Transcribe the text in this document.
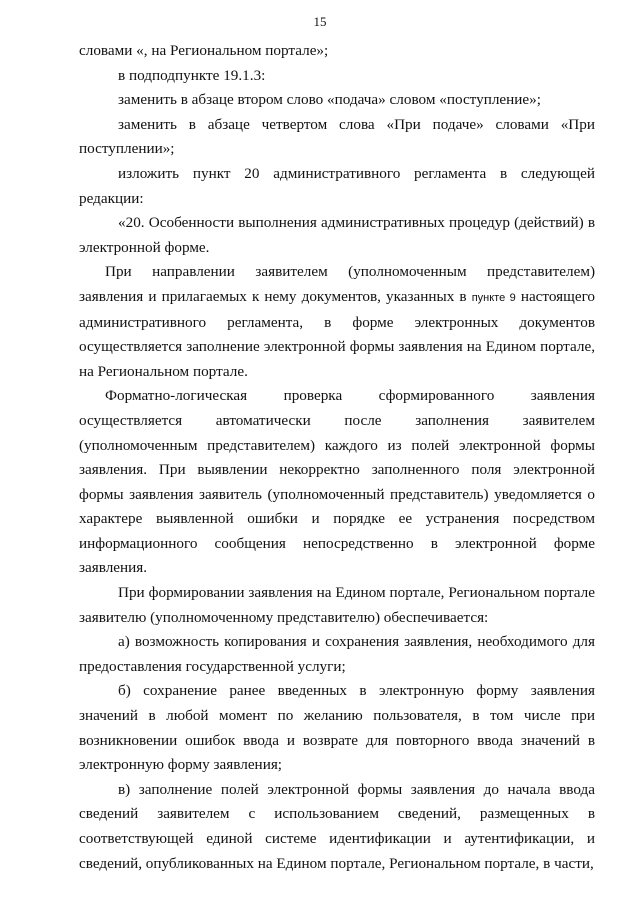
15

словами «, на Региональном портале»;

в подподпункте 19.1.3:

заменить в абзаце втором слово «подача» словом «поступление»;

заменить в абзаце четвертом слова «При подаче» словами «При поступлении»;

изложить пункт 20 административного регламента в следующей редакции:

«20. Особенности выполнения административных процедур (действий) в электронной форме.

При направлении заявителем (уполномоченным представителем) заявления и прилагаемых к нему документов, указанных в пункте 9 настоящего административного регламента, в форме электронных документов осуществляется заполнение электронной формы заявления на Едином портале, на Региональном портале.

Форматно-логическая проверка сформированного заявления осуществляется автоматически после заполнения заявителем (уполномоченным представителем) каждого из полей электронной формы заявления. При выявлении некорректно заполненного поля электронной формы заявления заявитель (уполномоченный представитель) уведомляется о характере выявленной ошибки и порядке ее устранения посредством информационного сообщения непосредственно в электронной форме заявления.

При формировании заявления на Едином портале, Региональном портале заявителю (уполномоченному представителю) обеспечивается:

а) возможность копирования и сохранения заявления, необходимого для предоставления государственной услуги;

б) сохранение ранее введенных в электронную форму заявления значений в любой момент по желанию пользователя, в том числе при возникновении ошибок ввода и возврате для повторного ввода значений в электронную форму заявления;

в) заполнение полей электронной формы заявления до начала ввода сведений заявителем с использованием сведений, размещенных в соответствующей единой системе идентификации и аутентификации, и сведений, опубликованных на Едином портале, Региональном портале, в части,
